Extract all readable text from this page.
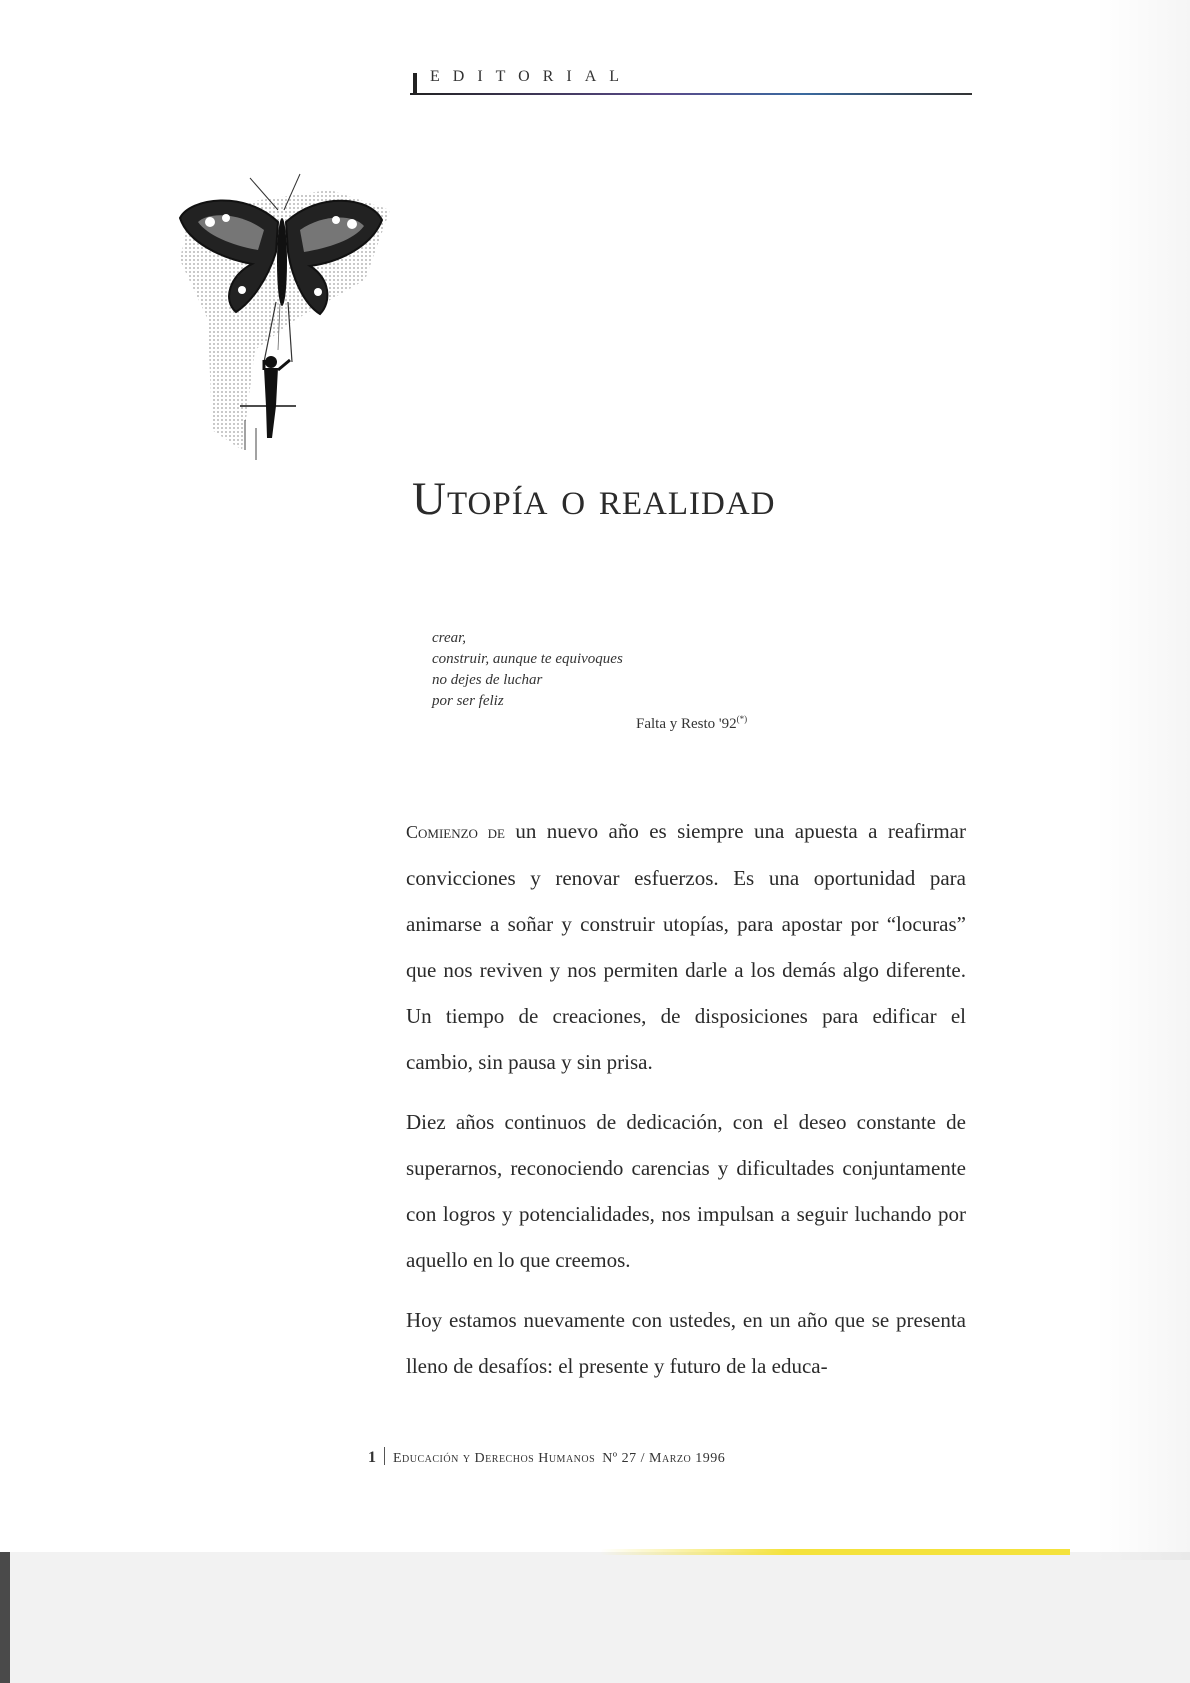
EDITORIAL
Utopía o realidad
crear,
construir, aunque te equivoques
no dejes de luchar
por ser feliz
Falta y Resto '92(*)

Comienzo de un nuevo año es siempre una apuesta a reafirmar convicciones y renovar esfuerzos. Es una oportunidad para animarse a soñar y construir utopías, para apostar por “locuras” que nos reviven y nos permiten darle a los demás algo diferente. Un tiempo de creaciones, de disposiciones para edificar el cambio, sin pausa y sin prisa.

Diez años continuos de dedicación, con el deseo constante de superarnos, reconociendo carencias y dificultades conjuntamente con logros y potencialidades, nos impulsan a seguir luchando por aquello en lo que creemos.

Hoy estamos nuevamente con ustedes, en un año que se presenta lleno de desafíos: el presente y futuro de la educa-

1 Educación y Derechos Humanos Nº 27 / Marzo 1996
